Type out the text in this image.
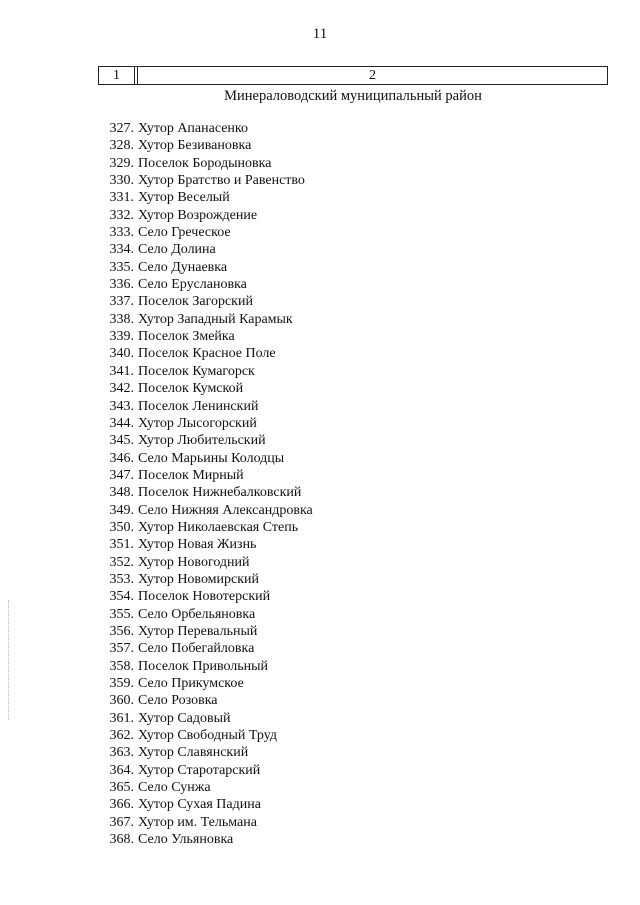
11
1	2
Минераловодский муниципальный район
327. Хутор Апанасенко
328. Хутор Безивановка
329. Поселок Бородыновка
330. Хутор Братство и Равенство
331. Хутор Веселый
332. Хутор Возрождение
333. Село Греческое
334. Село Долина
335. Село Дунаевка
336. Село Еруслановка
337. Поселок Загорский
338. Хутор Западный Карамык
339. Поселок Змейка
340. Поселок Красное Поле
341. Поселок Кумагорск
342. Поселок Кумской
343. Поселок Ленинский
344. Хутор Лысогорский
345. Хутор Любительский
346. Село Марьины Колодцы
347. Поселок Мирный
348. Поселок Нижнебалковский
349. Село Нижняя Александровка
350. Хутор Николаевская Степь
351. Хутор Новая Жизнь
352. Хутор Новогодний
353. Хутор Новомирский
354. Поселок Новотерский
355. Село Орбельяновка
356. Хутор Перевальный
357. Село Побегайловка
358. Поселок Привольный
359. Село Прикумское
360. Село Розовка
361. Хутор Садовый
362. Хутор Свободный Труд
363. Хутор Славянский
364. Хутор Старотарский
365. Село Сунжа
366. Хутор Сухая Падина
367. Хутор им. Тельмана
368. Село Ульяновка
